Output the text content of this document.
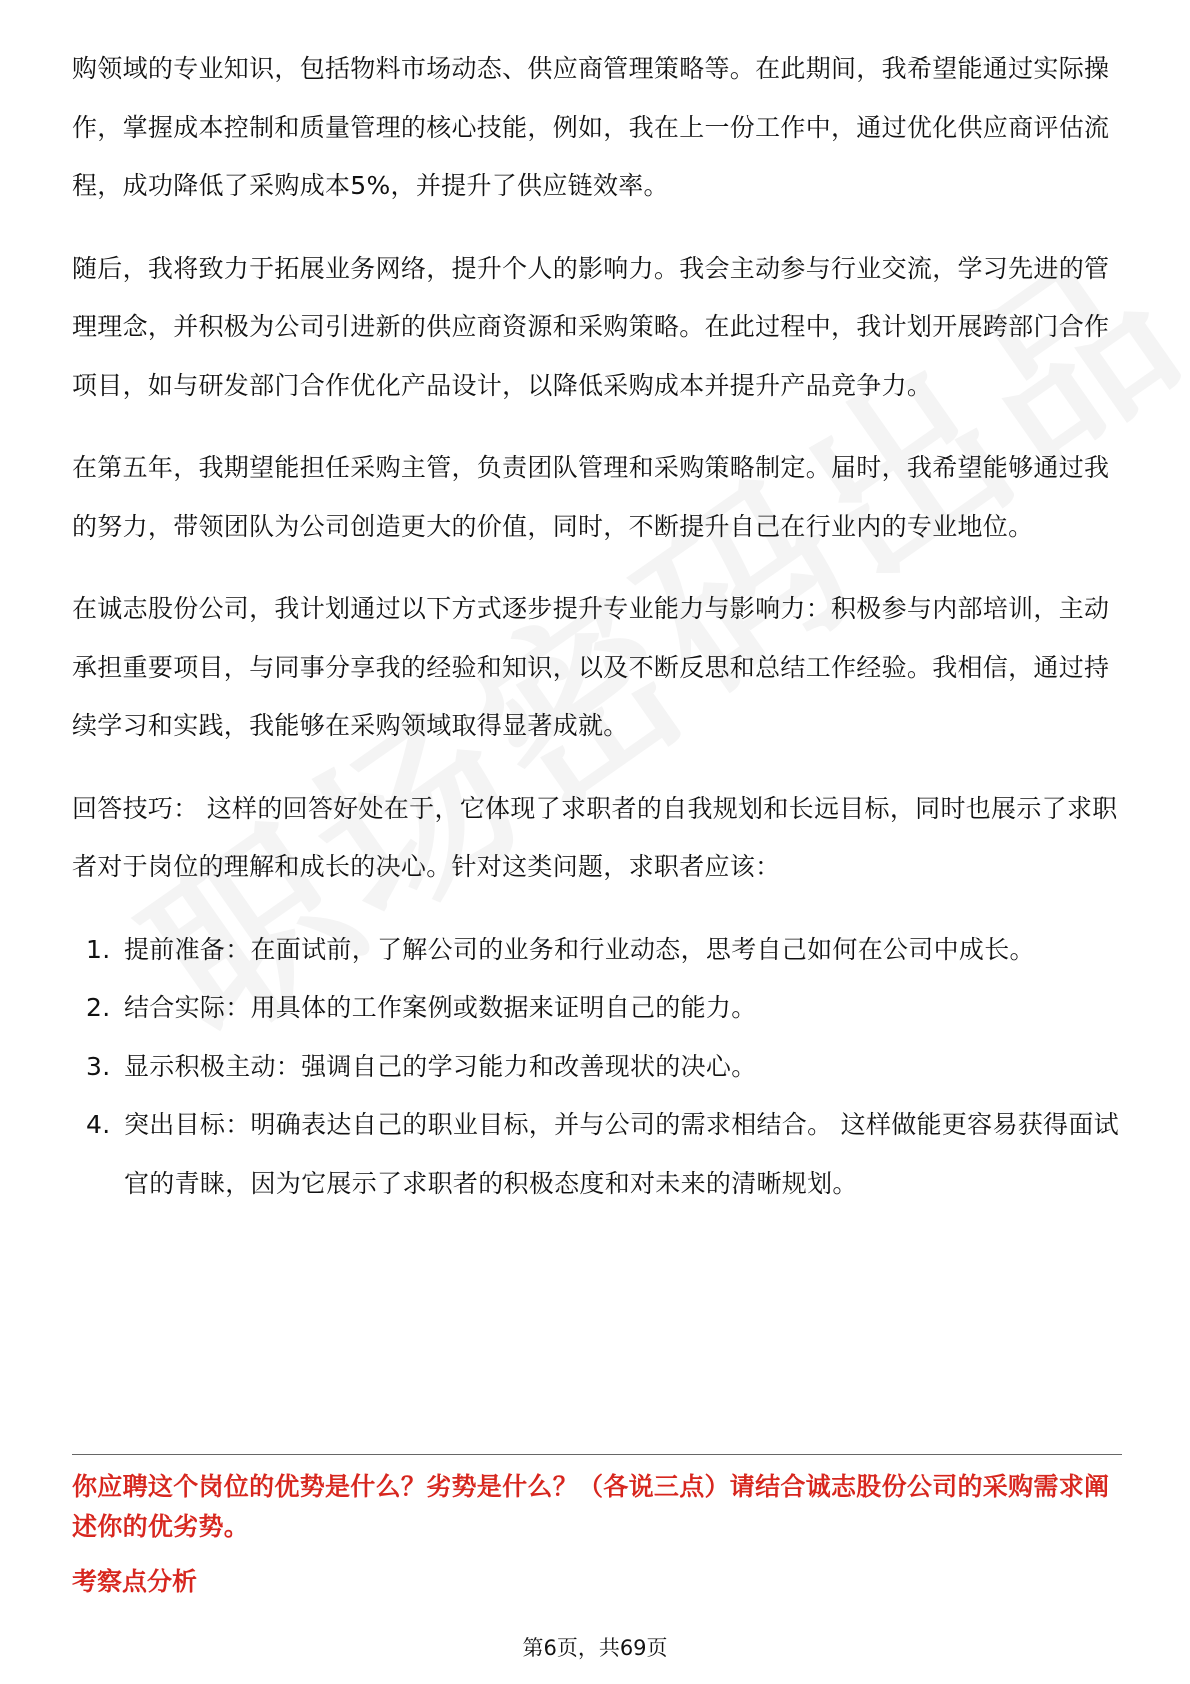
购领域的专业知识，包括物料市场动态、供应商管理策略等。在此期间，我希望能通过实际操作，掌握成本控制和质量管理的核心技能，例如，我在上一份工作中，通过优化供应商评估流程，成功降低了采购成本5%，并提升了供应链效率。

随后，我将致力于拓展业务网络，提升个人的影响力。我会主动参与行业交流，学习先进的管理理念，并积极为公司引进新的供应商资源和采购策略。在此过程中，我计划开展跨部门合作项目，如与研发部门合作优化产品设计，以降低采购成本并提升产品竞争力。

在第五年，我期望能担任采购主管，负责团队管理和采购策略制定。届时，我希望能够通过我的努力，带领团队为公司创造更大的价值，同时，不断提升自己在行业内的专业地位。

在诚志股份公司，我计划通过以下方式逐步提升专业能力与影响力：积极参与内部培训，主动承担重要项目，与同事分享我的经验和知识，以及不断反思和总结工作经验。我相信，通过持续学习和实践，我能够在采购领域取得显著成就。

回答技巧： 这样的回答好处在于，它体现了求职者的自我规划和长远目标，同时也展示了求职者对于岗位的理解和成长的决心。针对这类问题，求职者应该：

1. 提前准备：在面试前，了解公司的业务和行业动态，思考自己如何在公司中成长。
2. 结合实际：用具体的工作案例或数据来证明自己的能力。
3. 显示积极主动：强调自己的学习能力和改善现状的决心。
4. 突出目标：明确表达自己的职业目标，并与公司的需求相结合。 这样做能更容易获得面试官的青睐，因为它展示了求职者的积极态度和对未来的清晰规划。
你应聘这个岗位的优势是什么？劣势是什么？（各说三点）请结合诚志股份公司的采购需求阐述你的优劣势。
考察点分析
第6页，共69页
